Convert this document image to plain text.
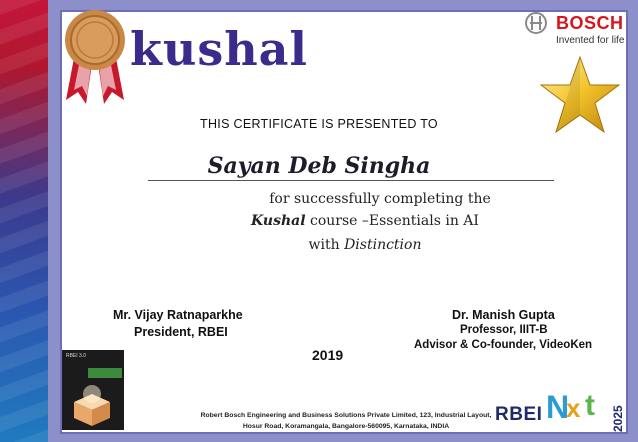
kushal	BOSCH
Invented for life
THIS CERTIFICATE IS PRESENTED TO
Sayan Deb Singha
for successfully completing the
Kushal course –Essentials in AI
with Distinction
Mr. Vijay Ratnaparkhe
President, RBEI
Dr. Manish Gupta
Professor, IIIT-B
Advisor & Co-founder, VideoKen
2019
RBEI 3.0
Robert Bosch Engineering and Business Solutions Private Limited, 123, Industrial Layout,
Hosur Road, Koramangala, Bangalore-560095, Karnataka, INDIA
RBEI N
x t 2025
